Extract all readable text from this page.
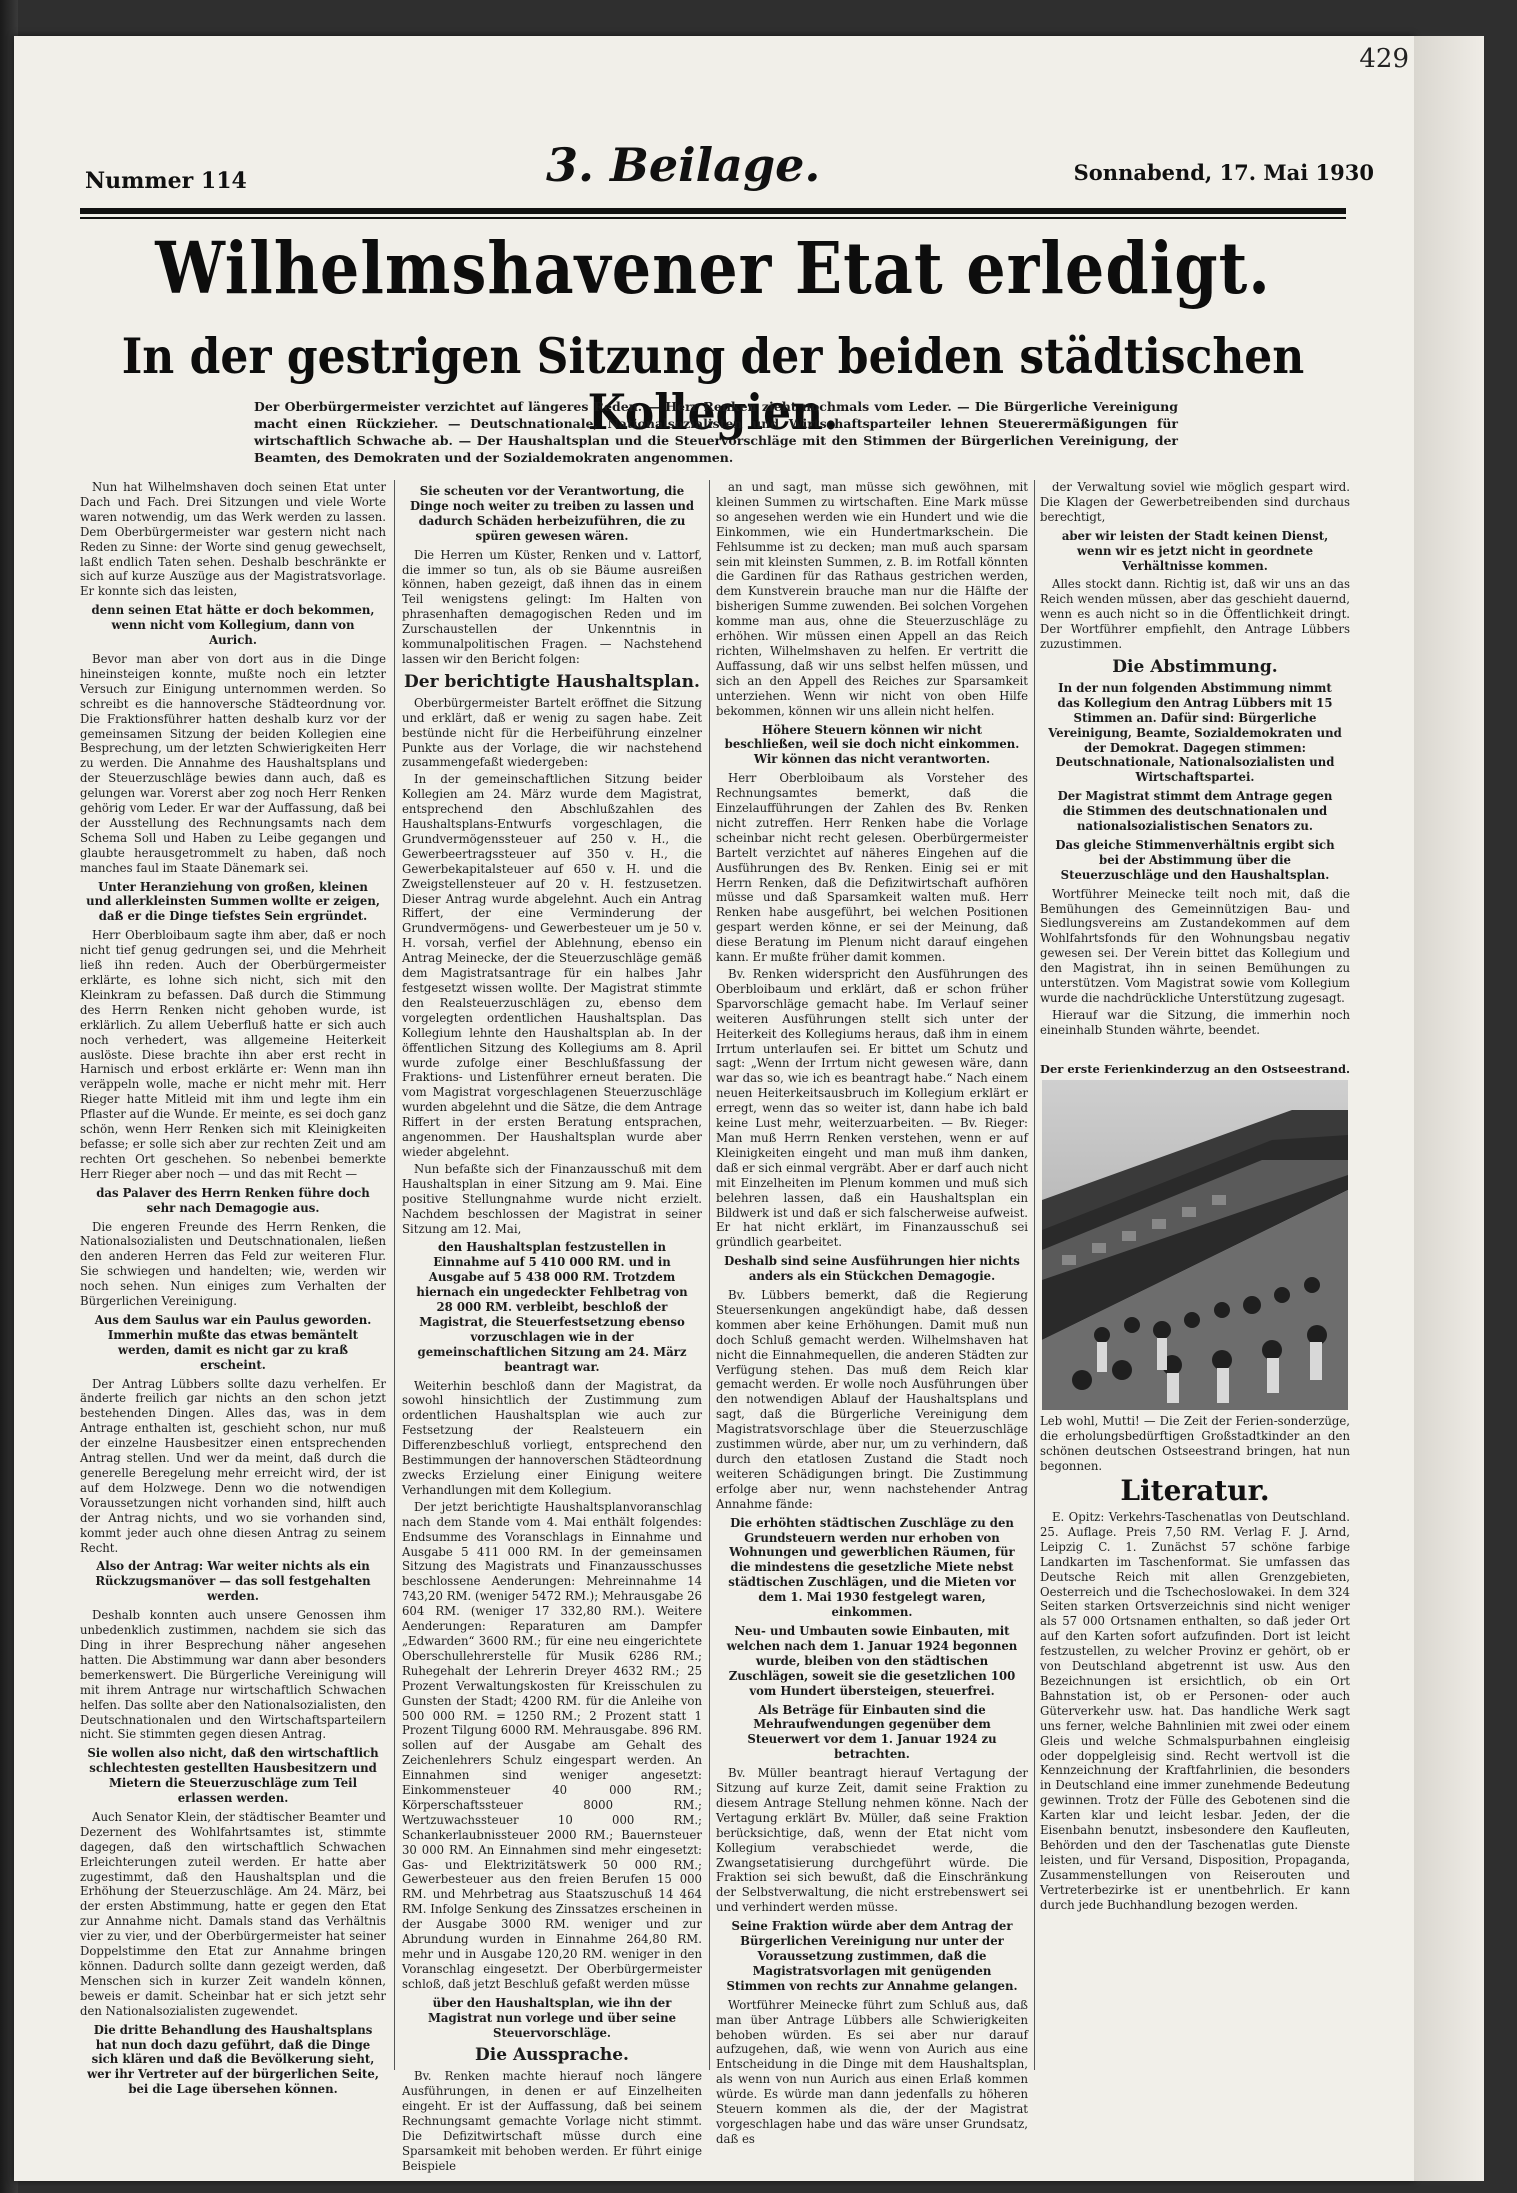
429
Nummer 114	3. Beilage.	Sonnabend, 17. Mai 1930
Wilhelmshavener Etat erledigt.
In der gestrigen Sitzung der beiden städtischen Kollegien.
Der Oberbürgermeister verzichtet auf längeres Reden. — Herr Renken zieht nochmals vom Leder. — Die Bürgerliche Vereinigung macht einen Rückzieher. — Deutschnationale, Nationalsozialisten und Wirtschaftsparteiler lehnen Steuerermäßigungen für wirtschaftlich Schwache ab. — Der Haushaltsplan und die Steuervorschläge mit den Stimmen der Bürgerlichen Vereinigung, der Beamten, des Demokraten und der Sozialdemokraten angenommen.

Nun hat Wilhelmshaven doch seinen Etat unter Dach und Fach. Drei Sitzungen und viele Worte waren notwendig, um das Werk werden zu lassen. Dem Oberbürgermeister war gestern nicht nach Reden zu Sinne: der Worte sind genug gewechselt, laßt endlich Taten sehen. Deshalb beschränkte er sich auf kurze Auszüge aus der Magistratsvorlage. Er konnte sich das leisten,

denn seinen Etat hätte er doch bekommen, wenn nicht vom Kollegium, dann von Aurich.

Bevor man aber von dort aus in die Dinge hineinsteigen konnte, mußte noch ein letzter Versuch zur Einigung unternommen werden. So schreibt es die hannoversche Städteordnung vor. Die Fraktionsführer hatten deshalb kurz vor der gemeinsamen Sitzung der beiden Kollegien eine Besprechung, um der letzten Schwierigkeiten Herr zu werden. Die Annahme des Haushaltsplans und der Steuerzuschläge bewies dann auch, daß es gelungen war. Vorerst aber zog noch Herr Renken gehörig vom Leder. Er war der Auffassung, daß bei der Ausstellung des Rechnungsamts nach dem Schema Soll und Haben zu Leibe gegangen und glaubte herausgetrommelt zu haben, daß noch manches faul im Staate Dänemark sei.

Unter Heranziehung von großen, kleinen und allerkleinsten Summen wollte er zeigen, daß er die Dinge tiefstes Sein ergründet.

Herr Oberbloibaum sagte ihm aber, daß er noch nicht tief genug gedrungen sei, und die Mehrheit ließ ihn reden. Auch der Oberbürgermeister erklärte, es lohne sich nicht, sich mit den Kleinkram zu befassen. Daß durch die Stimmung des Herrn Renken nicht gehoben wurde, ist erklärlich. Zu allem Ueberfluß hatte er sich auch noch verhedert, was allgemeine Heiterkeit auslöste. Diese brachte ihn aber erst recht in Harnisch und erbost erklärte er: Wenn man ihn veräppeln wolle, mache er nicht mehr mit. Herr Rieger hatte Mitleid mit ihm und legte ihm ein Pflaster auf die Wunde. Er meinte, es sei doch ganz schön, wenn Herr Renken sich mit Kleinigkeiten befasse; er solle sich aber zur rechten Zeit und am rechten Ort geschehen. So nebenbei bemerkte Herr Rieger aber noch — und das mit Recht —

das Palaver des Herrn Renken führe doch sehr nach Demagogie aus.

Die engeren Freunde des Herrn Renken, die Nationalsozialisten und Deutschnationalen, ließen den anderen Herren das Feld zur weiteren Flur. Sie schwiegen und handelten; wie, werden wir noch sehen. Nun einiges zum Verhalten der Bürgerlichen Vereinigung.

Aus dem Saulus war ein Paulus geworden. Immerhin mußte das etwas bemäntelt werden, damit es nicht gar zu kraß erscheint.

Der Antrag Lübbers sollte dazu verhelfen. Er änderte freilich gar nichts an den schon jetzt bestehenden Dingen. Alles das, was in dem Antrage enthalten ist, geschieht schon, nur muß der einzelne Hausbesitzer einen entsprechenden Antrag stellen. Und wer da meint, daß durch die generelle Beregelung mehr erreicht wird, der ist auf dem Holzwege. Denn wo die notwendigen Voraussetzungen nicht vorhanden sind, hilft auch der Antrag nichts, und wo sie vorhanden sind, kommt jeder auch ohne diesen Antrag zu seinem Recht.

Also der Antrag: War weiter nichts als ein Rückzugsmanöver — das soll festgehalten werden.

Deshalb konnten auch unsere Genossen ihm unbedenklich zustimmen, nachdem sie sich das Ding in ihrer Besprechung näher angesehen hatten. Die Abstimmung war dann aber besonders bemerkenswert. Die Bürgerliche Vereinigung will mit ihrem Antrage nur wirtschaftlich Schwachen helfen. Das sollte aber den Nationalsozialisten, den Deutschnationalen und den Wirtschaftsparteilern nicht. Sie stimmten gegen diesen Antrag.

Sie wollen also nicht, daß den wirtschaftlich schlechtesten gestellten Hausbesitzern und Mietern die Steuerzuschläge zum Teil erlassen werden.

Auch Senator Klein, der städtischer Beamter und Dezernent des Wohlfahrtsamtes ist, stimmte dagegen, daß den wirtschaftlich Schwachen Erleichterungen zuteil werden. Er hatte aber zugestimmt, daß den Haushaltsplan und die Erhöhung der Steuerzuschläge. Am 24. März, bei der ersten Abstimmung, hatte er gegen den Etat zur Annahme nicht. Damals stand das Verhältnis vier zu vier, und der Oberbürgermeister hat seiner Doppelstimme den Etat zur Annahme bringen können. Dadurch sollte dann gezeigt werden, daß Menschen sich in kurzer Zeit wandeln können, beweis er damit. Scheinbar hat er sich jetzt sehr den Nationalsozialisten zugewendet.

Die dritte Behandlung des Haushaltsplans hat nun doch dazu geführt, daß die Dinge sich klären und daß die Bevölkerung sieht, wer ihr Vertreter auf der bürgerlichen Seite, bei die Lage übersehen können.

Sie scheuten vor der Verantwortung, die Dinge noch weiter zu treiben zu lassen und dadurch Schäden herbeizuführen, die zu spüren gewesen wären.

Die Herren um Küster, Renken und v. Lattorf, die immer so tun, als ob sie Bäume ausreißen können, haben gezeigt, daß ihnen das in einem Teil wenigstens gelingt: Im Halten von phrasenhaften demagogischen Reden und im Zurschaustellen der Unkenntnis in kommunalpolitischen Fragen. — Nachstehend lassen wir den Bericht folgen:

Der berichtigte Haushaltsplan.

Oberbürgermeister Bartelt eröffnet die Sitzung und erklärt, daß er wenig zu sagen habe. Zeit bestünde nicht für die Herbeiführung einzelner Punkte aus der Vorlage, die wir nachstehend zusammengefaßt wiedergeben:

In der gemeinschaftlichen Sitzung beider Kollegien am 24. März wurde dem Magistrat, entsprechend den Abschlußzahlen des Haushaltsplans-Entwurfs vorgeschlagen, die Grundvermögenssteuer auf 250 v. H., die Gewerbeertragssteuer auf 350 v. H., die Gewerbekapitalsteuer auf 650 v. H. und die Zweigstellensteuer auf 20 v. H. festzusetzen. Dieser Antrag wurde abgelehnt. Auch ein Antrag Riffert, der eine Verminderung der Grundvermögens- und Gewerbesteuer um je 50 v. H. vorsah, verfiel der Ablehnung, ebenso ein Antrag Meinecke, der die Steuerzuschläge gemäß dem Magistratsantrage für ein halbes Jahr festgesetzt wissen wollte. Der Magistrat stimmte den Realsteuerzuschlägen zu, ebenso dem vorgelegten ordentlichen Haushaltsplan. Das Kollegium lehnte den Haushaltsplan ab. In der öffentlichen Sitzung des Kollegiums am 8. April wurde zufolge einer Beschlußfassung der Fraktions- und Listenführer erneut beraten. Die vom Magistrat vorgeschlagenen Steuerzuschläge wurden abgelehnt und die Sätze, die dem Antrage Riffert in der ersten Beratung entsprachen, angenommen. Der Haushaltsplan wurde aber wieder abgelehnt.

Nun befaßte sich der Finanzausschuß mit dem Haushaltsplan in einer Sitzung am 9. Mai. Eine positive Stellungnahme wurde nicht erzielt. Nachdem beschlossen der Magistrat in seiner Sitzung am 12. Mai,

den Haushaltsplan festzustellen in Einnahme auf 5 410 000 RM. und in Ausgabe auf 5 438 000 RM. Trotzdem hiernach ein ungedeckter Fehlbetrag von 28 000 RM. verbleibt, beschloß der Magistrat, die Steuerfestsetzung ebenso vorzuschlagen wie in der gemeinschaftlichen Sitzung am 24. März beantragt war.

Weiterhin beschloß dann der Magistrat, da sowohl hinsichtlich der Zustimmung zum ordentlichen Haushaltsplan wie auch zur Festsetzung der Realsteuern ein Differenzbeschluß vorliegt, entsprechend den Bestimmungen der hannoverschen Städteordnung zwecks Erzielung einer Einigung weitere Verhandlungen mit dem Kollegium.

Der jetzt berichtigte Haushaltsplanvoranschlag nach dem Stande vom 4. Mai enthält folgendes: Endsumme des Voranschlags in Einnahme und Ausgabe 5 411 000 RM. In der gemeinsamen Sitzung des Magistrats und Finanzausschusses beschlossene Aenderungen: Mehreinnahme 14 743,20 RM. (weniger 5472 RM.); Mehrausgabe 26 604 RM. (weniger 17 332,80 RM.). Weitere Aenderungen: Reparaturen am Dampfer „Edwarden“ 3600 RM.; für eine neu eingerichtete Oberschullehrerstelle für Musik 6286 RM.; Ruhegehalt der Lehrerin Dreyer 4632 RM.; 25 Prozent Verwaltungskosten für Kreisschulen zu Gunsten der Stadt; 4200 RM. für die Anleihe von 500 000 RM. = 1250 RM.; 2 Prozent statt 1 Prozent Tilgung 6000 RM. Mehrausgabe. 896 RM. sollen auf der Ausgabe am Gehalt des Zeichenlehrers Schulz eingespart werden. An Einnahmen sind weniger angesetzt: Einkommensteuer 40 000 RM.; Körperschaftssteuer 8000 RM.; Wertzuwachssteuer 10 000 RM.; Schankerlaubnissteuer 2000 RM.; Bauernsteuer 30 000 RM. An Einnahmen sind mehr eingesetzt: Gas- und Elektrizitätswerk 50 000 RM.; Gewerbesteuer aus den freien Berufen 15 000 RM. und Mehrbetrag aus Staatszuschuß 14 464 RM. Infolge Senkung des Zinssatzes erscheinen in der Ausgabe 3000 RM. weniger und zur Abrundung wurden in Einnahme 264,80 RM. mehr und in Ausgabe 120,20 RM. weniger in den Voranschlag eingesetzt. Der Oberbürgermeister schloß, daß jetzt Beschluß gefaßt werden müsse

über den Haushaltsplan, wie ihn der Magistrat nun vorlege und über seine Steuervorschläge.

Die Aussprache.

Bv. Renken machte hierauf noch längere Ausführungen, in denen er auf Einzelheiten eingeht. Er ist der Auffassung, daß bei seinem Rechnungsamt gemachte Vorlage nicht stimmt. Die Defizitwirtschaft müsse durch eine Sparsamkeit mit behoben werden. Er führt einige Beispiele

an und sagt, man müsse sich gewöhnen, mit kleinen Summen zu wirtschaften. Eine Mark müsse so angesehen werden wie ein Hundert und wie die Einkommen, wie ein Hundertmarkschein. Die Fehlsumme ist zu decken; man muß auch sparsam sein mit kleinsten Summen, z. B. im Rotfall könnten die Gardinen für das Rathaus gestrichen werden, dem Kunstverein brauche man nur die Hälfte der bisherigen Summe zuwenden. Bei solchen Vorgehen komme man aus, ohne die Steuerzuschläge zu erhöhen. Wir müssen einen Appell an das Reich richten, Wilhelmshaven zu helfen. Er vertritt die Auffassung, daß wir uns selbst helfen müssen, und sich an den Appell des Reiches zur Sparsamkeit unterziehen. Wenn wir nicht von oben Hilfe bekommen, können wir uns allein nicht helfen.

Höhere Steuern können wir nicht beschließen, weil sie doch nicht einkommen. Wir können das nicht verantworten.

Herr Oberbloibaum als Vorsteher des Rechnungsamtes bemerkt, daß die Einzelaufführungen der Zahlen des Bv. Renken nicht zutreffen. Herr Renken habe die Vorlage scheinbar nicht recht gelesen. Oberbürgermeister Bartelt verzichtet auf näheres Eingehen auf die Ausführungen des Bv. Renken. Einig sei er mit Herrn Renken, daß die Defizitwirtschaft aufhören müsse und daß Sparsamkeit walten muß. Herr Renken habe ausgeführt, bei welchen Positionen gespart werden könne, er sei der Meinung, daß diese Beratung im Plenum nicht darauf eingehen kann. Er mußte früher damit kommen.

Bv. Renken widerspricht den Ausführungen des Oberbloibaum und erklärt, daß er schon früher Sparvorschläge gemacht habe. Im Verlauf seiner weiteren Ausführungen stellt sich unter der Heiterkeit des Kollegiums heraus, daß ihm in einem Irrtum unterlaufen sei. Er bittet um Schutz und sagt: „Wenn der Irrtum nicht gewesen wäre, dann war das so, wie ich es beantragt habe.“ Nach einem neuen Heiterkeitsausbruch im Kollegium erklärt er erregt, wenn das so weiter ist, dann habe ich bald keine Lust mehr, weiterzuarbeiten. — Bv. Rieger: Man muß Herrn Renken verstehen, wenn er auf Kleinigkeiten eingeht und man muß ihm danken, daß er sich einmal vergräbt. Aber er darf auch nicht mit Einzelheiten im Plenum kommen und muß sich belehren lassen, daß ein Haushaltsplan ein Bildwerk ist und daß er sich falscherweise aufweist. Er hat nicht erklärt, im Finanzausschuß sei gründlich gearbeitet.

Deshalb sind seine Ausführungen hier nichts anders als ein Stückchen Demagogie.

Bv. Lübbers bemerkt, daß die Regierung Steuersenkungen angekündigt habe, daß dessen kommen aber keine Erhöhungen. Damit muß nun doch Schluß gemacht werden. Wilhelmshaven hat nicht die Einnahmequellen, die anderen Städten zur Verfügung stehen. Das muß dem Reich klar gemacht werden. Er wolle noch Ausführungen über den notwendigen Ablauf der Haushaltsplans und sagt, daß die Bürgerliche Vereinigung dem Magistratsvorschlage über die Steuerzuschläge zustimmen würde, aber nur, um zu verhindern, daß durch den etatlosen Zustand die Stadt noch weiteren Schädigungen bringt. Die Zustimmung erfolge aber nur, wenn nachstehender Antrag Annahme fände:

Die erhöhten städtischen Zuschläge zu den Grundsteuern werden nur erhoben von Wohnungen und gewerblichen Räumen, für die mindestens die gesetzliche Miete nebst städtischen Zuschlägen, und die Mieten vor dem 1. Mai 1930 festgelegt waren, einkommen.

Neu- und Umbauten sowie Einbauten, mit welchen nach dem 1. Januar 1924 begonnen wurde, bleiben von den städtischen Zuschlägen, soweit sie die gesetzlichen 100 vom Hundert übersteigen, steuerfrei.

Als Beträge für Einbauten sind die Mehraufwendungen gegenüber dem Steuerwert vor dem 1. Januar 1924 zu betrachten.

Bv. Müller beantragt hierauf Vertagung der Sitzung auf kurze Zeit, damit seine Fraktion zu diesem Antrage Stellung nehmen könne. Nach der Vertagung erklärt Bv. Müller, daß seine Fraktion berücksichtige, daß, wenn der Etat nicht vom Kollegium verabschiedet werde, die Zwangsetatisierung durchgeführt würde. Die Fraktion sei sich bewußt, daß die Einschränkung der Selbstverwaltung, die nicht erstrebenswert sei und verhindert werden müsse.

Seine Fraktion würde aber dem Antrag der Bürgerlichen Vereinigung nur unter der Voraussetzung zustimmen, daß die Magistratsvorlagen mit genügenden Stimmen von rechts zur Annahme gelangen.

Wortführer Meinecke führt zum Schluß aus, daß man über Antrage Lübbers alle Schwierigkeiten behoben würden. Es sei aber nur darauf aufzugehen, daß, wie wenn von Aurich aus eine Entscheidung in die Dinge mit dem Haushaltsplan, als wenn von nun Aurich aus einen Erlaß kommen würde. Es würde man dann jedenfalls zu höheren Steuern kommen als die, der der Magistrat vorgeschlagen habe und das wäre unser Grundsatz, daß es

der Verwaltung soviel wie möglich gespart wird. Die Klagen der Gewerbetreibenden sind durchaus berechtigt,

aber wir leisten der Stadt keinen Dienst, wenn wir es jetzt nicht in geordnete Verhältnisse kommen.

Alles stockt dann. Richtig ist, daß wir uns an das Reich wenden müssen, aber das geschieht dauernd, wenn es auch nicht so in die Öffentlichkeit dringt. Der Wortführer empfiehlt, den Antrage Lübbers zuzustimmen.

Die Abstimmung.

In der nun folgenden Abstimmung nimmt das Kollegium den Antrag Lübbers mit 15 Stimmen an. Dafür sind: Bürgerliche Vereinigung, Beamte, Sozialdemokraten und der Demokrat. Dagegen stimmen: Deutschnationale, Nationalsozialisten und Wirtschaftspartei.

Der Magistrat stimmt dem Antrage gegen die Stimmen des deutschnationalen und nationalsozialistischen Senators zu.

Das gleiche Stimmenverhältnis ergibt sich bei der Abstimmung über die Steuerzuschläge und den Haushaltsplan.

Wortführer Meinecke teilt noch mit, daß die Bemühungen des Gemeinnützigen Bau- und Siedlungsvereins am Zustandekommen auf dem Wohlfahrtsfonds für den Wohnungsbau negativ gewesen sei. Der Verein bittet das Kollegium und den Magistrat, ihn in seinen Bemühungen zu unterstützen. Vom Magistrat sowie vom Kollegium wurde die nachdrückliche Unterstützung zugesagt.

Hierauf war die Sitzung, die immerhin noch eineinhalb Stunden währte, beendet.

Der erste Ferienkinderzug an den Ostseestrand.
Leb wohl, Mutti! — Die Zeit der Ferien-sonderzüge, die erholungsbedürftigen Großstadtkinder an den schönen deutschen Ostseestrand bringen, hat nun begonnen.
Literatur.

E. Opitz: Verkehrs-Taschenatlas von Deutschland. 25. Auflage. Preis 7,50 RM. Verlag F. J. Arnd, Leipzig C. 1. Zunächst 57 schöne farbige Landkarten im Taschenformat. Sie umfassen das Deutsche Reich mit allen Grenzgebieten, Oesterreich und die Tschechoslowakei. In dem 324 Seiten starken Ortsverzeichnis sind nicht weniger als 57 000 Ortsnamen enthalten, so daß jeder Ort auf den Karten sofort aufzufinden. Dort ist leicht festzustellen, zu welcher Provinz er gehört, ob er von Deutschland abgetrennt ist usw. Aus den Bezeichnungen ist ersichtlich, ob ein Ort Bahnstation ist, ob er Personen- oder auch Güterverkehr usw. hat. Das handliche Werk sagt uns ferner, welche Bahnlinien mit zwei oder einem Gleis und welche Schmalspurbahnen eingleisig oder doppelgleisig sind. Recht wertvoll ist die Kennzeichnung der Kraftfahrlinien, die besonders in Deutschland eine immer zunehmende Bedeutung gewinnen. Trotz der Fülle des Gebotenen sind die Karten klar und leicht lesbar. Jeden, der die Eisenbahn benutzt, insbesondere den Kaufleuten, Behörden und den der Taschenatlas gute Dienste leisten, und für Versand, Disposition, Propaganda, Zusammenstellungen von Reiserouten und Vertreterbezirke ist er unentbehrlich. Er kann durch jede Buchhandlung bezogen werden.
